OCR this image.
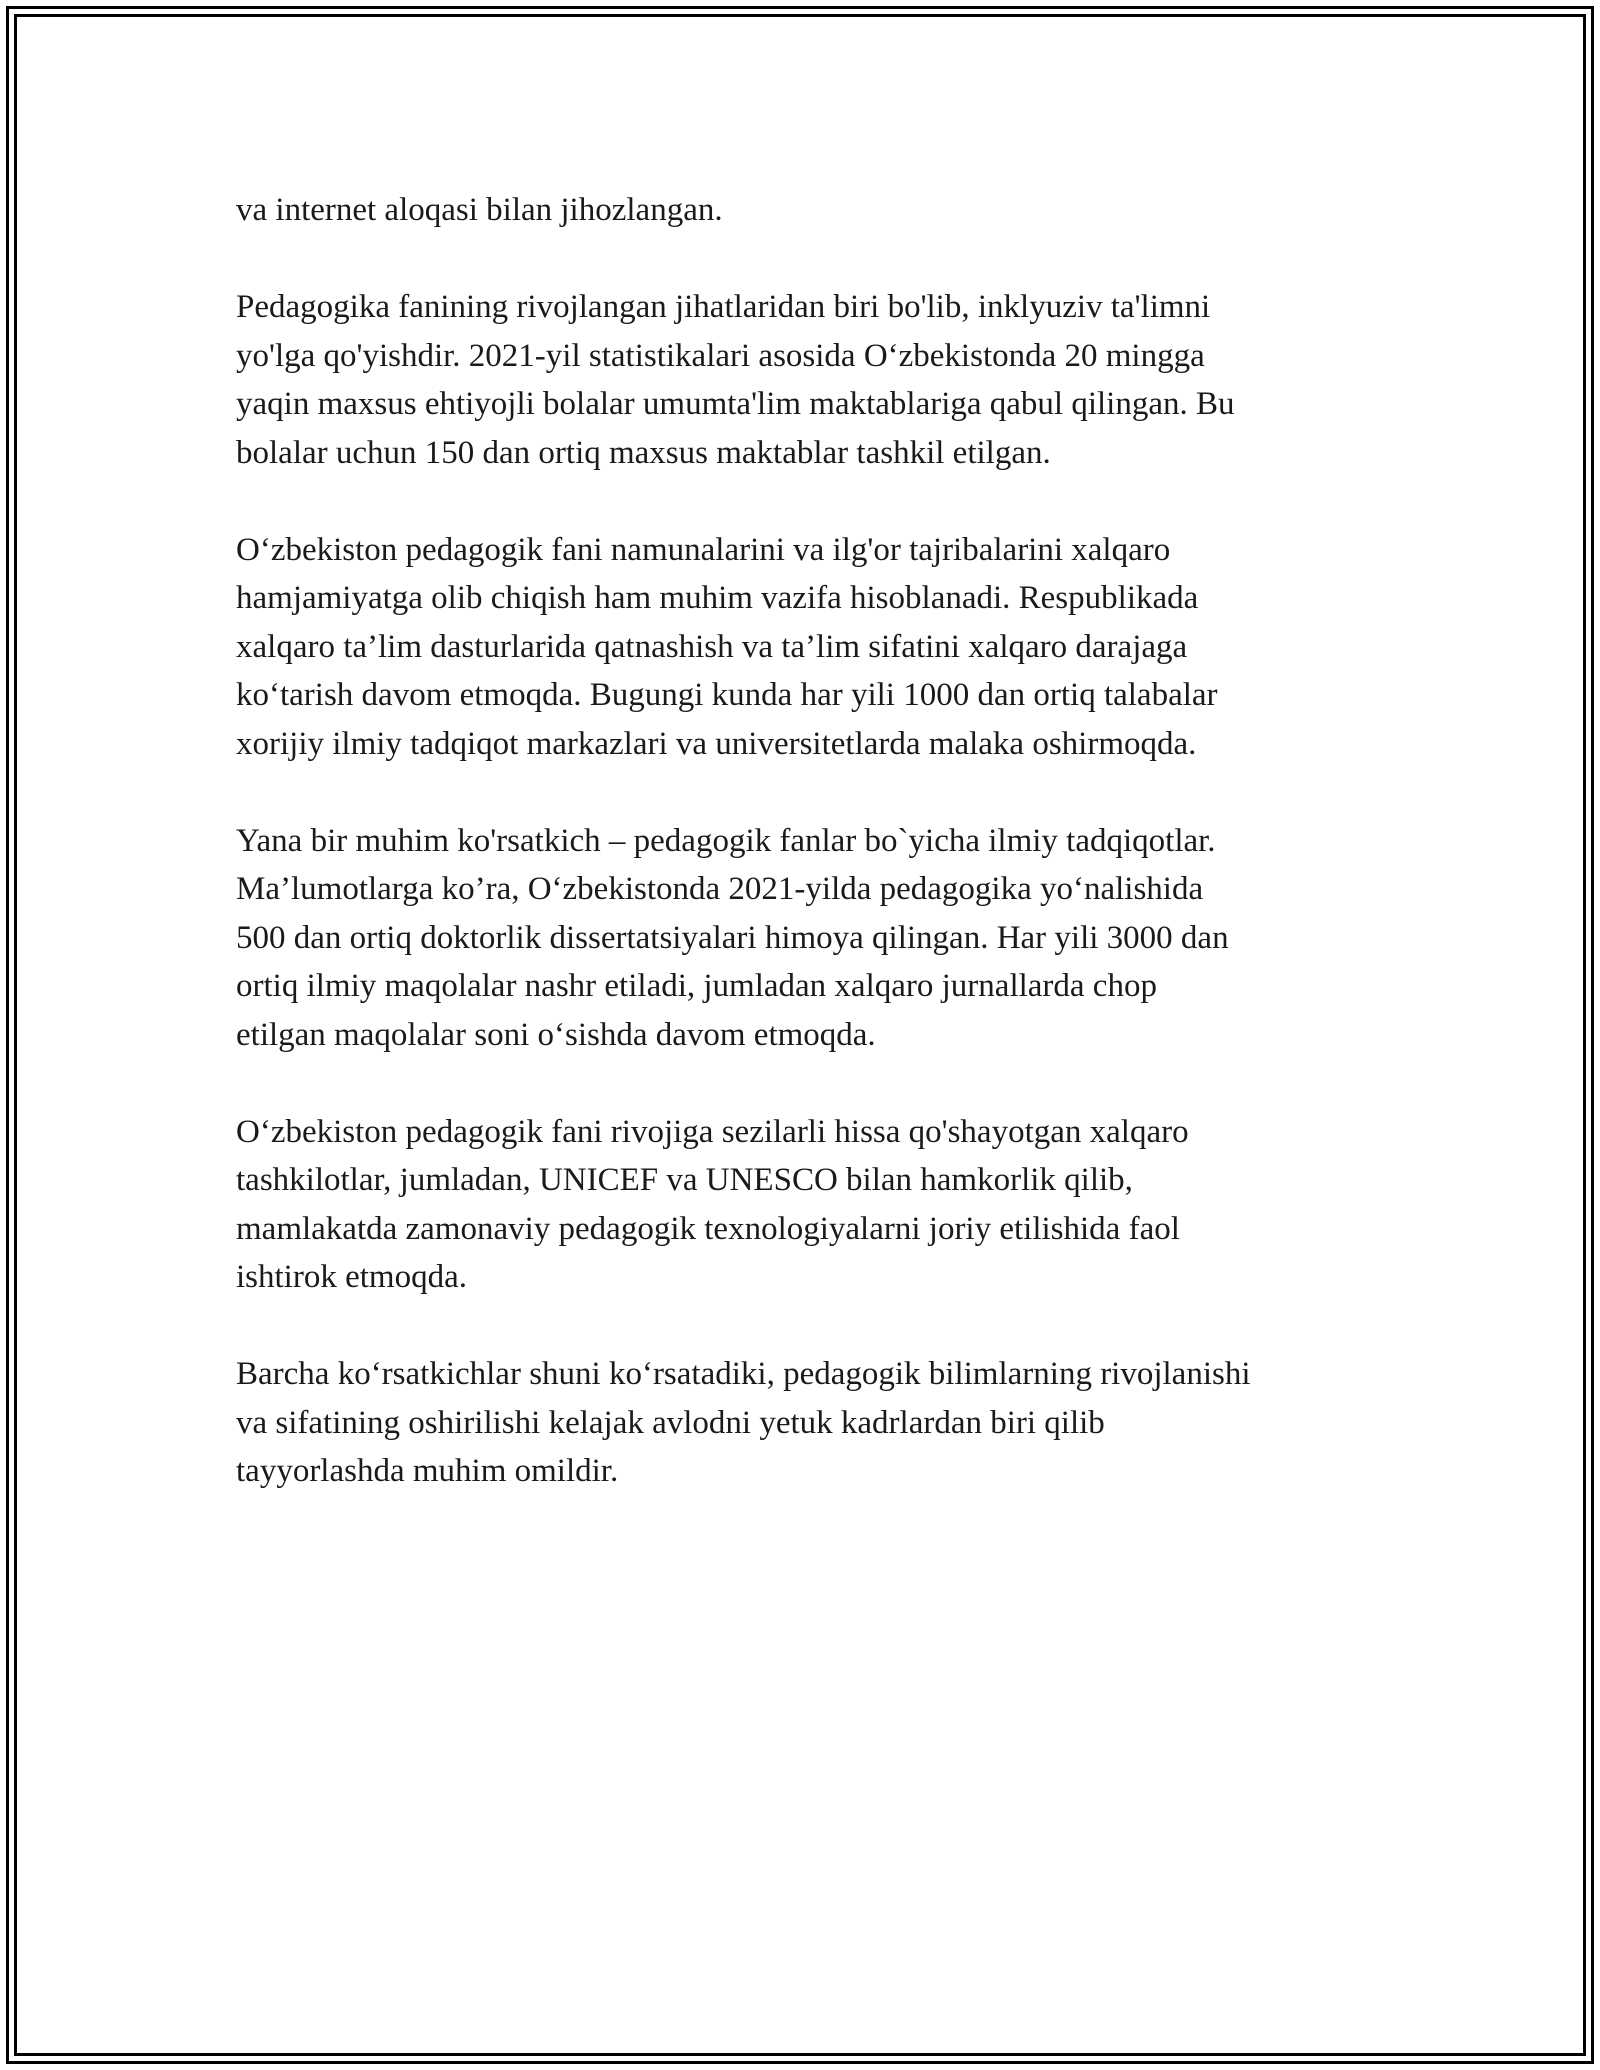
va internet aloqasi bilan jihozlangan.

Pedagogika fanining rivojlangan jihatlaridan biri bo'lib, inklyuziv ta'limni
yo'lga qo'yishdir. 2021-yil statistikalari asosida O‘zbekistonda 20 mingga
yaqin maxsus ehtiyojli bolalar umumta'lim maktablariga qabul qilingan. Bu
bolalar uchun 150 dan ortiq maxsus maktablar tashkil etilgan.

O‘zbekiston pedagogik fani namunalarini va ilg'or tajribalarini xalqaro
hamjamiyatga olib chiqish ham muhim vazifa hisoblanadi. Respublikada
xalqaro ta’lim dasturlarida qatnashish va ta’lim sifatini xalqaro darajaga
ko‘tarish davom etmoqda. Bugungi kunda har yili 1000 dan ortiq talabalar
xorijiy ilmiy tadqiqot markazlari va universitetlarda malaka oshirmoqda.

Yana bir muhim ko'rsatkich – pedagogik fanlar bo`yicha ilmiy tadqiqotlar.
Ma’lumotlarga ko’ra, O‘zbekistonda 2021-yilda pedagogika yo‘nalishida
500 dan ortiq doktorlik dissertatsiyalari himoya qilingan. Har yili 3000 dan
ortiq ilmiy maqolalar nashr etiladi, jumladan xalqaro jurnallarda chop
etilgan maqolalar soni o‘sishda davom etmoqda.

O‘zbekiston pedagogik fani rivojiga sezilarli hissa qo'shayotgan xalqaro
tashkilotlar, jumladan, UNICEF va UNESCO bilan hamkorlik qilib,
mamlakatda zamonaviy pedagogik texnologiyalarni joriy etilishida faol
ishtirok etmoqda.

Barcha ko‘rsatkichlar shuni ko‘rsatadiki, pedagogik bilimlarning rivojlanishi
va sifatining oshirilishi kelajak avlodni yetuk kadrlardan biri qilib
tayyorlashda muhim omildir.
